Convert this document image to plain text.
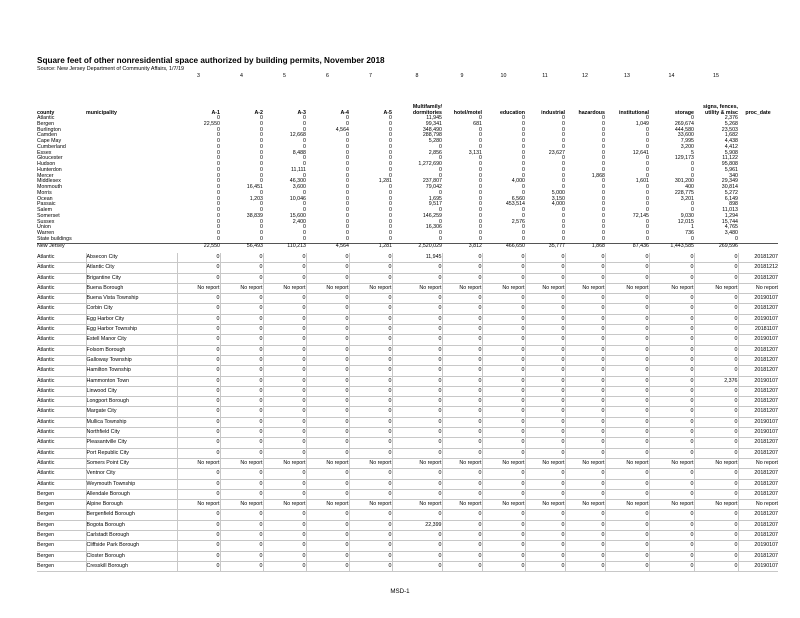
Square feet of other nonresidential space authorized by building permits, November 2018
Source: New Jersey Department of Community Affairs, 1/7/19
		3	4	5	6	7	8	9	10	11	12	13	14	15	
county	municipality	A-1	A-2	A-3	A-4	A-5	Multifamily/
dormitories	hotel/motel	education	industrial	hazardous	institutional	storage	signs, fences,
utility & misc	proc_date
Atlantic		0	0	0	0	0	11,945	0	0	0	0	0	0	2,376	
Bergen		22,550	0	0	0	0	99,341	681	0	0	0	1,049	269,674	5,268	
Burlington		0	0	0	4,564	0	348,490	0	0	0	0	0	444,580	23,503	
Camden		0	0	12,668	0	0	288,798	0	0	0	0	0	33,600	1,682	
Cape May		0	0	0	0	0	5,280	0	0	0	0	0	7,995	4,438	
Cumberland		0	0	0	0	0	0	0	0	0	0	0	3,200	4,412	
Essex		0	0	8,488	0	0	2,856	3,131	0	23,627	0	12,641	5	5,908	
Gloucester		0	0	0	0	0	0	0	0	0	0	0	129,173	11,122	
Hudson		0	0	0	0	0	1,272,690	0	0	0	0	0	0	95,808	
Hunterdon		0	0	11,111	0	0	0	0	0	0	0	0	0	5,961	
Mercer		0	0	0	0	0	0	0	0	0	1,868	0	0	340	
Middlesex		0	0	46,300	0	1,281	237,807	0	4,000	0	0	1,601	301,200	29,349	
Monmouth		0	16,451	3,600	0	0	79,042	0	0	0	0	0	400	30,814	
Morris		0	0	0	0	0	0	0	0	5,000	0	0	228,775	5,272	
Ocean		0	1,203	10,046	0	0	1,695	0	6,560	3,150	0	0	3,201	6,149	
Passaic		0	0	0	0	0	9,517	0	453,514	4,000	0	0	0	898	
Salem		0	0	0	0	0	0	0	0	0	0	0	0	11,013	
Somerset		0	38,839	15,600	0	0	146,259	0	0	0	0	72,145	9,030	1,294	
Sussex		0	0	2,400	0	0	0	0	2,576	0	0	0	12,015	15,744	
Union		0	0	0	0	0	16,306	0	0	0	0	0	1	4,765	
Warren		0	0	0	0	0	0	0	0	0	0	0	736	3,480	
State buildings		0	0	0	0	0	0	0	0	0	0	0	0	0	
New Jersey		22,550	56,493	110,213	4,564	1,281	2,520,029	3,812	466,650	35,777	1,868	87,436	1,443,585	269,596	
Atlantic	Absecon City	0	0	0	0	0	11,945	0	0	0	0	0	0	0	20181207
Atlantic	Atlantic City	0	0	0	0	0	0	0	0	0	0	0	0	0	20181212
Atlantic	Brigantine City	0	0	0	0	0	0	0	0	0	0	0	0	0	20181207
Atlantic	Buena Borough	No report	No report	No report	No report	No report	No report	No report	No report	No report	No report	No report	No report	No report	No report
Atlantic	Buena Vista Township	0	0	0	0	0	0	0	0	0	0	0	0	0	20190107
Atlantic	Corbin City	0	0	0	0	0	0	0	0	0	0	0	0	0	20181207
Atlantic	Egg Harbor City	0	0	0	0	0	0	0	0	0	0	0	0	0	20190107
Atlantic	Egg Harbor Township	0	0	0	0	0	0	0	0	0	0	0	0	0	20181107
Atlantic	Estell Manor City	0	0	0	0	0	0	0	0	0	0	0	0	0	20190107
Atlantic	Folsom Borough	0	0	0	0	0	0	0	0	0	0	0	0	0	20181207
Atlantic	Galloway Township	0	0	0	0	0	0	0	0	0	0	0	0	0	20181207
Atlantic	Hamilton Township	0	0	0	0	0	0	0	0	0	0	0	0	0	20181207
Atlantic	Hammonton Town	0	0	0	0	0	0	0	0	0	0	0	0	2,376	20190107
Atlantic	Linwood City	0	0	0	0	0	0	0	0	0	0	0	0	0	20181207
Atlantic	Longport Borough	0	0	0	0	0	0	0	0	0	0	0	0	0	20181207
Atlantic	Margate City	0	0	0	0	0	0	0	0	0	0	0	0	0	20181207
Atlantic	Mullica Township	0	0	0	0	0	0	0	0	0	0	0	0	0	20190107
Atlantic	Northfield City	0	0	0	0	0	0	0	0	0	0	0	0	0	20190107
Atlantic	Pleasantville City	0	0	0	0	0	0	0	0	0	0	0	0	0	20181207
Atlantic	Port Republic City	0	0	0	0	0	0	0	0	0	0	0	0	0	20181207
Atlantic	Somers Point City	No report	No report	No report	No report	No report	No report	No report	No report	No report	No report	No report	No report	No report	No report
Atlantic	Ventnor City	0	0	0	0	0	0	0	0	0	0	0	0	0	20181207
Atlantic	Weymouth Township	0	0	0	0	0	0	0	0	0	0	0	0	0	20181207
Bergen	Allendale Borough	0	0	0	0	0	0	0	0	0	0	0	0	0	20181207
Bergen	Alpine Borough	No report	No report	No report	No report	No report	No report	No report	No report	No report	No report	No report	No report	No report	No report
Bergen	Bergenfield Borough	0	0	0	0	0	0	0	0	0	0	0	0	0	20181207
Bergen	Bogota Borough	0	0	0	0	0	22,399	0	0	0	0	0	0	0	20181207
Bergen	Carlstadt Borough	0	0	0	0	0	0	0	0	0	0	0	0	0	20181207
Bergen	Cliffside Park Borough	0	0	0	0	0	0	0	0	0	0	0	0	0	20190107
Bergen	Closter Borough	0	0	0	0	0	0	0	0	0	0	0	0	0	20181207
Bergen	Cresskill Borough	0	0	0	0	0	0	0	0	0	0	0	0	0	20190107
MSD-1
